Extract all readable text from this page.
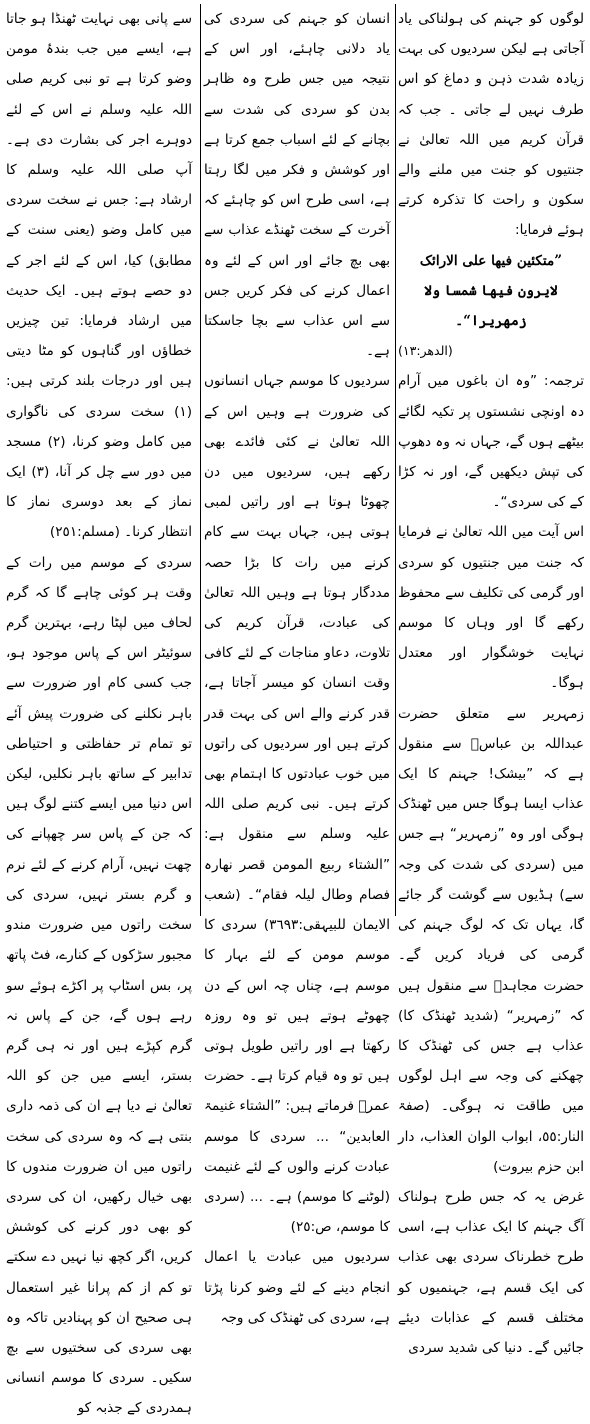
لوگوں کو جہنم کی ہولناکی یاد آجاتی ہے لیکن سردیوں کی بہت زیادہ شدت ذہن و دماغ کو اس طرف نہیں لے جاتی ۔ جب کہ قرآن کریم میں اللہ تعالیٰ نے جنتیوں کو جنت میں ملنے والے سکون و راحت کا تذکرہ کرتے ہوئے فرمایا:

”متکئین فیھا علی الارائک

لایرون فیھا شمسا ولا زمھریرا“۔

(الدھر:١٣)

ترجمہ: ”وہ ان باغوں میں آرام دہ اونچی نشستوں پر تکیہ لگائے بیٹھے ہوں گے، جہاں نہ وہ دھوپ کی تپش دیکھیں گے، اور نہ کڑا کے کی سردی“۔

اس آیت میں اللہ تعالیٰ نے فرمایا کہ جنت میں جنتیوں کو سردی اور گرمی کی تکلیف سے محفوظ رکھے گا اور وہاں کا موسم نہایت خوشگوار اور معتدل ہوگا۔

زمہریر سے متعلق حضرت عبداللہ بن عباسؓ سے منقول ہے کہ ”بیشک! جہنم کا ایک عذاب ایسا ہوگا جس میں ٹھنڈک ہوگی اور وہ ”زمہریر“ ہے جس میں (سردی کی شدت کی وجہ سے) ہڈیوں سے گوشت گر جائے گا، یہاں تک کہ لوگ جہنم کی گرمی کی فریاد کریں گے۔ حضرت مجاہدؒ سے منقول ہیں کہ ”زمہریر“ (شدید ٹھنڈک کا) عذاب ہے جس کی ٹھنڈک کا چھکنے کی وجہ سے اہل لوگوں میں طاقت نہ ہوگی۔ (صفۃ النار:٥٥، ابواب الوان العذاب، دار ابن حزم بیروت)

غرض یہ کہ جس طرح ہولناک آگ جہنم کا ایک عذاب ہے، اسی طرح خطرناک سردی بھی عذاب کی ایک قسم ہے، جہنمیوں کو مختلف قسم کے عذابات دیئے جائیں گے۔ دنیا کی شدید سردی

انسان کو جہنم کی سردی کی یاد دلانی چاہئے، اور اس کے نتیجہ میں جس طرح وہ ظاہر بدن کو سردی کی شدت سے بچانے کے لئے اسباب جمع کرتا ہے اور کوشش و فکر میں لگا رہتا ہے، اسی طرح اس کو چاہئے کہ آخرت کے سخت ٹھنڈے عذاب سے بھی بچ جائے اور اس کے لئے وہ اعمال کرنے کی فکر کریں جس سے اس عذاب سے بچا جاسکتا ہے۔

سردیوں کا موسم جہاں انسانوں کی ضرورت ہے وہیں اس کے اللہ تعالیٰ نے کئی فائدے بھی رکھے ہیں، سردیوں میں دن چھوٹا ہوتا ہے اور راتیں لمبی ہوتی ہیں، جہاں بہت سے کام کرنے میں رات کا بڑا حصہ مددگار ہوتا ہے وہیں اللہ تعالیٰ کی عبادت، قرآن کریم کی تلاوت، دعاو مناجات کے لئے کافی وقت انسان کو میسر آجاتا ہے، قدر کرنے والے اس کی بہت قدر کرتے ہیں اور سردیوں کی راتوں میں خوب عبادتوں کا اہتمام بھی کرتے ہیں۔ نبی کریم صلی اللہ علیہ وسلم سے منقول ہے: ”الشتاء ربیع المومن قصر نھارہ فصام وطال لیلہ فقام“۔ (شعب الایمان للبیہقی:٣٦٩٣) سردی کا موسم مومن کے لئے بہار کا موسم ہے، چناں چہ اس کے دن چھوٹے ہوتے ہیں تو وہ روزہ رکھتا ہے اور راتیں طویل ہوتی ہیں تو وہ قیام کرتا ہے۔ حضرت عمرؓ فرماتے ہیں: ”الشتاء غنیمۃ العابدین“ ... سردی کا موسم عبادت کرنے والوں کے لئے غنیمت (لوٹنے کا موسم) ہے۔ ... (سردی کا موسم، ص:٢٥)

سردیوں میں عبادت یا اعمال انجام دینے کے لئے وضو کرنا پڑتا ہے، سردی کی ٹھنڈک کی وجہ

سے پانی بھی نہایت ٹھنڈا ہو جاتا ہے، ایسے میں جب بندۂ مومن وضو کرتا ہے تو نبی کریم صلی اللہ علیہ وسلم نے اس کے لئے دوہرے اجر کی بشارت دی ہے۔ آپ صلی اللہ علیہ وسلم کا ارشاد ہے: جس نے سخت سردی میں کامل وضو (یعنی سنت کے مطابق) کیا، اس کے لئے اجر کے دو حصے ہوتے ہیں۔ ایک حدیث میں ارشاد فرمایا: تین چیزیں خطاؤں اور گناہوں کو مٹا دیتی ہیں اور درجات بلند کرتی ہیں: (١) سخت سردی کی ناگواری میں کامل وضو کرنا، (٢) مسجد میں دور سے چل کر آنا، (٣) ایک نماز کے بعد دوسری نماز کا انتظار کرنا۔ (مسلم:٢٥١)

سردی کے موسم میں رات کے وقت ہر کوئی چاہے گا کہ گرم لحاف میں لپٹا رہے، بہترین گرم سوئیٹر اس کے پاس موجود ہو، جب کسی کام اور ضرورت سے باہر نکلنے کی ضرورت پیش آئے تو تمام تر حفاظتی و احتیاطی تدابیر کے ساتھ باہر نکلیں، لیکن اس دنیا میں ایسے کتنے لوگ ہیں کہ جن کے پاس سر چھپانے کی چھت نہیں، آرام کرنے کے لئے نرم و گرم بستر نہیں، سردی کی سخت راتوں میں ضرورت مندو مجبور سڑکوں کے کنارے، فٹ پاتھ پر، بس اسٹاپ پر اکڑے ہوئے سو رہے ہوں گے، جن کے پاس نہ گرم کپڑے ہیں اور نہ ہی گرم بستر، ایسے میں جن کو اللہ تعالیٰ نے دیا ہے ان کی ذمہ داری بنتی ہے کہ وہ سردی کی سخت راتوں میں ان ضرورت مندوں کا بھی خیال رکھیں، ان کی سردی کو بھی دور کرنے کی کوشش کریں، اگر کچھ نیا نہیں دے سکتے تو کم از کم پرانا غیر استعمال ہی صحیح ان کو پہنادیں تاکہ وہ بھی سردی کی سختیوں سے بچ سکیں۔ سردی کا موسم انسانی ہمدردی کے جذبہ کو
